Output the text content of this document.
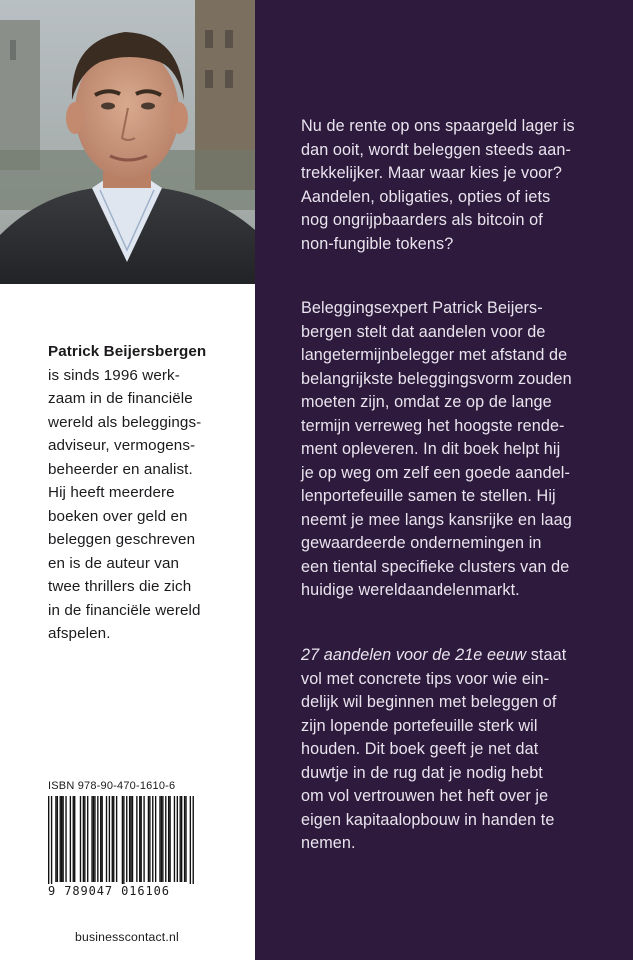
Patrick Beijersbergen
is sinds 1996 werk-
zaam in de financiële
wereld als beleggings-
adviseur, vermogens-
beheerder en analist.
Hij heeft meerdere
boeken over geld en
beleggen geschreven
en is de auteur van
twee thrillers die zich
in de financiële wereld
afspelen.
ISBN 978-90-470-1610-6
9 789047 016106
businesscontact.nl
Nu de rente op ons spaargeld lager is
dan ooit, wordt beleggen steeds aan-
trekkelijker. Maar waar kies je voor?
Aandelen, obligaties, opties of iets
nog ongrijpbaarders als bitcoin of
non-fungible tokens?
Beleggingsexpert Patrick Beijers-
bergen stelt dat aandelen voor de
langetermijnbelegger met afstand de
belangrijkste beleggingsvorm zouden
moeten zijn, omdat ze op de lange
termijn verreweg het hoogste rende-
ment opleveren. In dit boek helpt hij
je op weg om zelf een goede aandel-
lenportefeuille samen te stellen. Hij
neemt je mee langs kansrijke en laag
gewaardeerde ondernemingen in
een tiental specifieke clusters van de
huidige wereldaandelenmarkt.
27 aandelen voor de 21e eeuw staat
vol met concrete tips voor wie ein-
delijk wil beginnen met beleggen of
zijn lopende portefeuille sterk wil
houden. Dit boek geeft je net dat
duwtje in de rug dat je nodig hebt
om vol vertrouwen het heft over je
eigen kapitaalopbouw in handen te
nemen.
